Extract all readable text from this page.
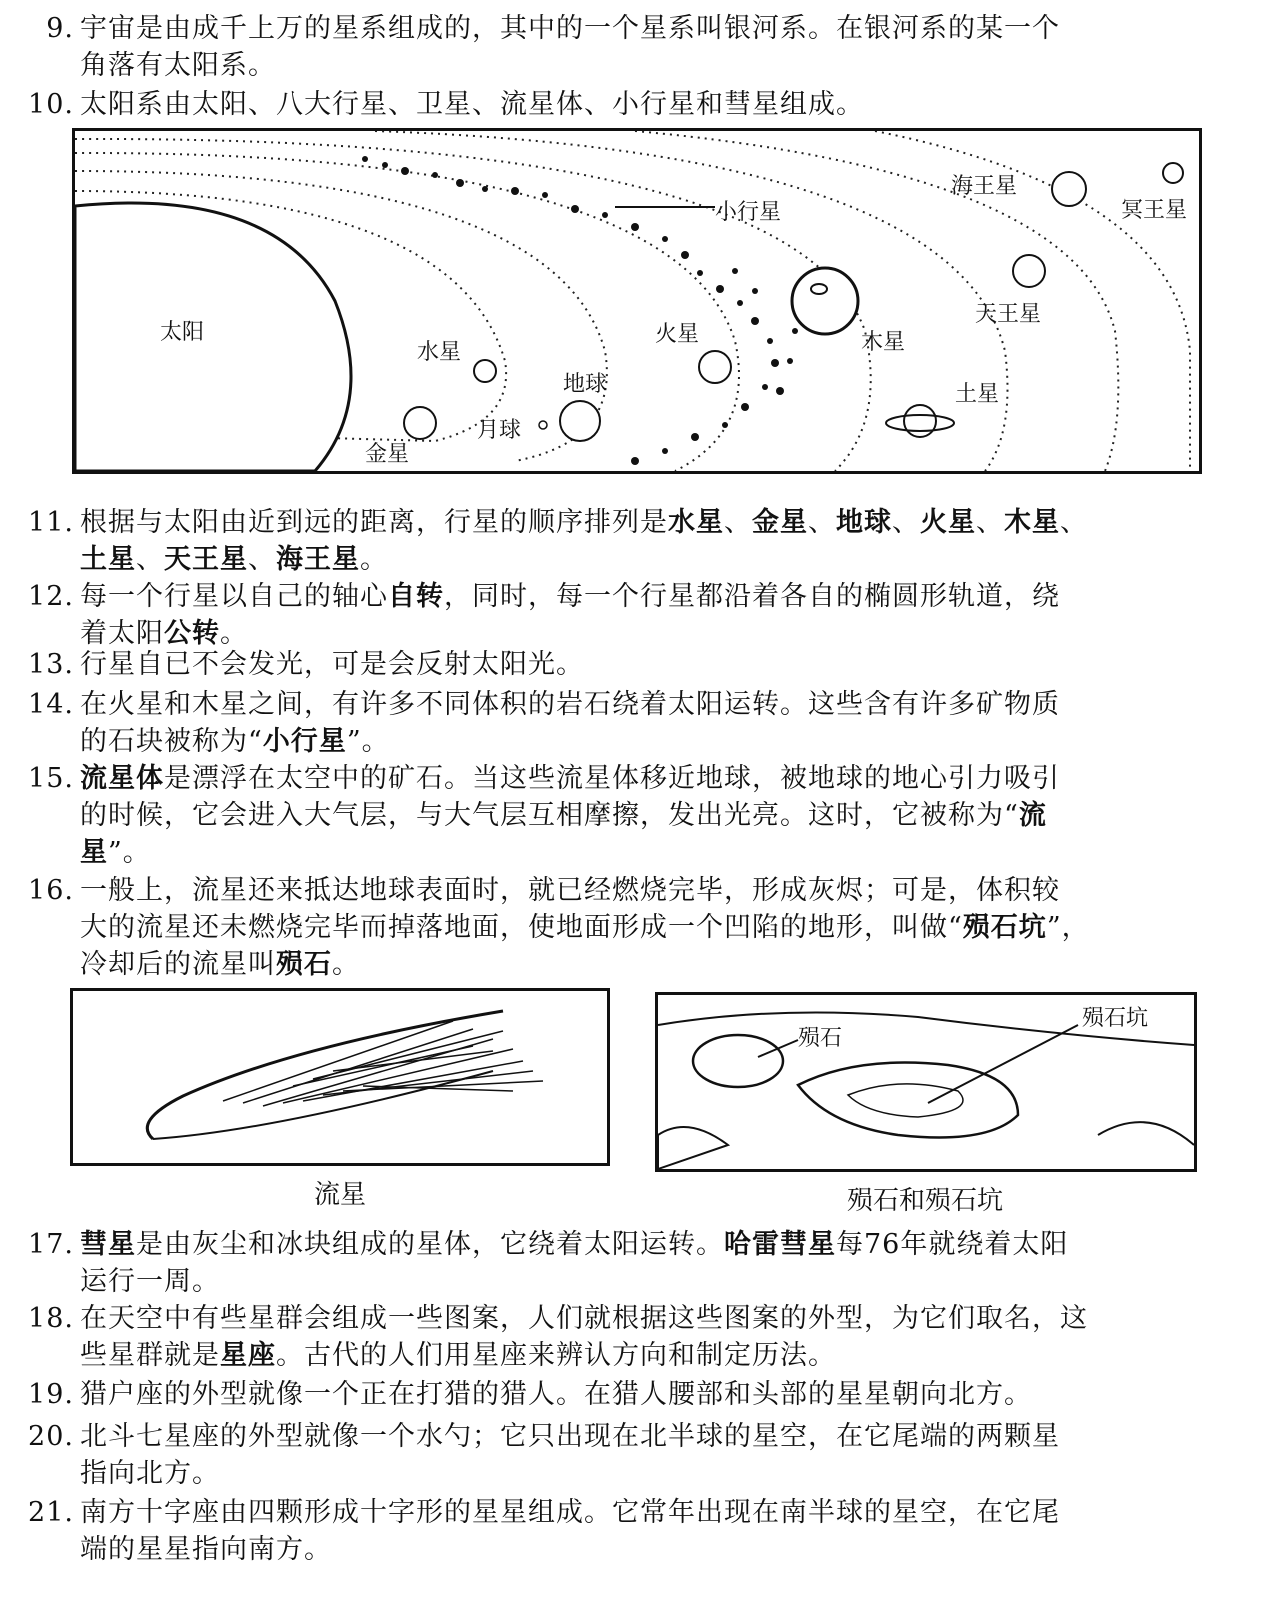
9. 宇宙是由成千上万的星系组成的，其中的一个星系叫银河系。在银河系的某一个
角落有太阳系。
10. 太阳系由太阳、八大行星、卫星、流星体、小行星和彗星组成。
太阳
水星
金星
地球
月球
火星
小行星
木星
土星
天王星
海王星
冥王星
11. 根据与太阳由近到远的距离，行星的顺序排列是水星、金星、地球、火星、木星、
土星、天王星、海王星。
12. 每一个行星以自己的轴心自转，同时，每一个行星都沿着各自的椭圆形轨道，绕
着太阳公转。
13. 行星自已不会发光，可是会反射太阳光。
14. 在火星和木星之间，有许多不同体积的岩石绕着太阳运转。这些含有许多矿物质
的石块被称为“小行星”。
15. 流星体是漂浮在太空中的矿石。当这些流星体移近地球，被地球的地心引力吸引
的时候，它会进入大气层，与大气层互相摩擦，发出光亮。这时，它被称为“流
星”。
16. 一般上，流星还来抵达地球表面时，就已经燃烧完毕，形成灰烬；可是，体积较
大的流星还未燃烧完毕而掉落地面，使地面形成一个凹陷的地形，叫做“殒石坑”，
冷却后的流星叫殒石。
流星
殒石
殒石坑
殒石和殒石坑
17. 彗星是由灰尘和冰块组成的星体，它绕着太阳运转。哈雷彗星每76年就绕着太阳
运行一周。
18. 在天空中有些星群会组成一些图案，人们就根据这些图案的外型，为它们取名，这
些星群就是星座。古代的人们用星座来辨认方向和制定历法。
19. 猎户座的外型就像一个正在打猎的猎人。在猎人腰部和头部的星星朝向北方。
20. 北斗七星座的外型就像一个水勺；它只出现在北半球的星空，在它尾端的两颗星
指向北方。
21. 南方十字座由四颗形成十字形的星星组成。它常年出现在南半球的星空，在它尾
端的星星指向南方。
